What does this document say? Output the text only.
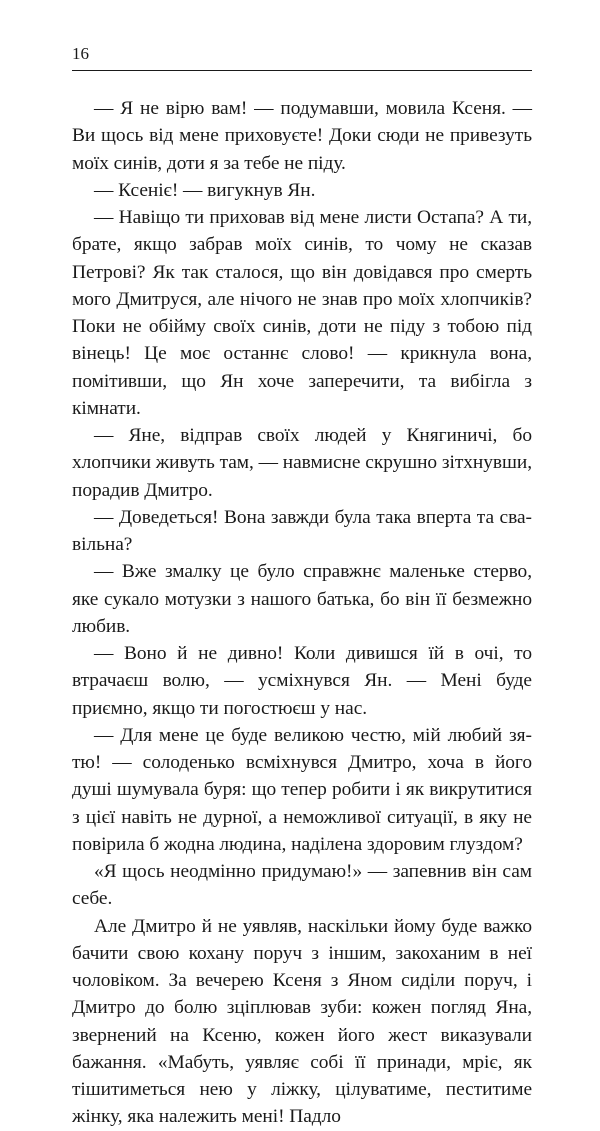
16

— Я не вірю вам! — подумавши, мовила Ксеня. — Ви щось від мене приховуєте! Доки сюди не привезуть моїх синів, доти я за тебе не піду.

— Ксеніє! — вигукнув Ян.

— Навіщо ти приховав від мене листи Остапа? А ти, брате, якщо забрав моїх синів, то чому не сказав Петрові? Як так сталося, що він довідався про смерть мого Дмитруся, але нічого не знав про моїх хлопчиків? Поки не обійму своїх синів, доти не піду з тобою під вінець! Це моє останнє слово! — крикнула вона, помітивши, що Ян хоче заперечити, та вибігла з кімнати.

— Яне, відправ своїх людей у Княгиничі, бо хлопчики живуть там, — навмисне скрушно зітхнувши, порадив Дмитро.

— Доведеться! Вона завжди була така вперта та свавільна?

— Вже змалку це було справжнє маленьке стерво, яке сукало мотузки з нашого батька, бо він її безмежно любив.

— Воно й не дивно! Коли дивишся їй в очі, то втрачаєш волю, — усміхнувся Ян. — Мені буде приємно, якщо ти погостюєш у нас.

— Для мене це буде великою честю, мій любий зятю! — солоденько всміхнувся Дмитро, хоча в його душі шумувала буря: що тепер робити і як викрутитися з цієї навіть не дурної, а неможливої ситуації, в яку не повірила б жодна людина, наділена здоровим глуздом?

«Я щось неодмінно придумаю!» — запевнив він сам себе.

Але Дмитро й не уявляв, наскільки йому буде важко бачити свою кохану поруч з іншим, закоханим в неї чоловіком. За вечерею Ксеня з Яном сиділи поруч, і Дмитро до болю зціплював зуби: кожен погляд Яна, звернений на Ксеню, кожен його жест виказували бажання. «Мабуть, уявляє собі її принади, мріє, як тішитиметься нею у ліжку, цілуватиме, пеститиме жінку, яка належить мені! Падло
